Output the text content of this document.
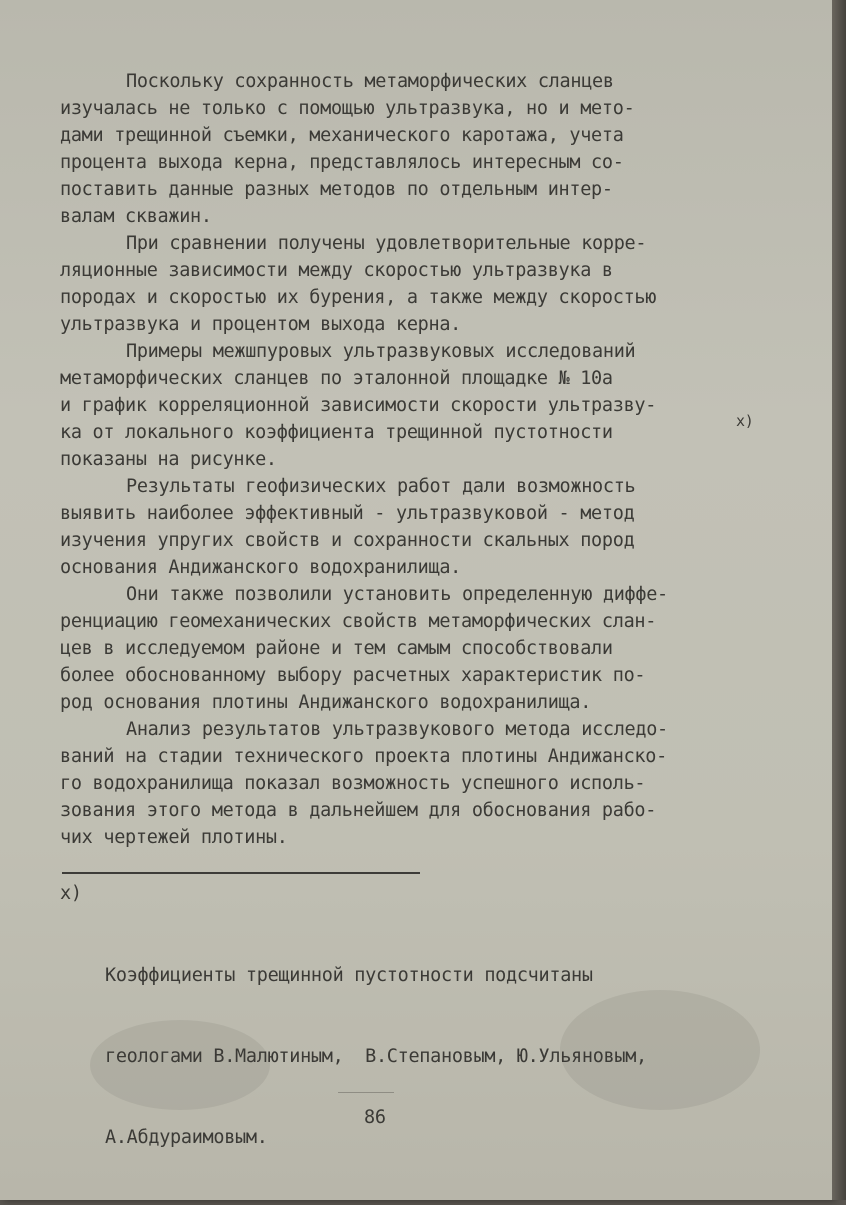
Поскольку сохранность метаморфических сланцев
изучалась не только с помощью ультразвука, но и мето-
дами трещинной съемки, механического каротажа, учета
процента выхода керна, представлялось интересным со-
поставить данные разных методов по отдельным интер-
валам скважин.
При сравнении получены удовлетворительные корре-
ляционные зависимости между скоростью ультразвука в
породах и скоростью их бурения, а также между скоростью
ультразвука и процентом выхода керна.
Примеры межшпуровых ультразвуковых исследований
метаморфических сланцев по эталонной площадке № 10а
и график корреляционной зависимости скорости ультразву-
ка от локального коэффициента трещинной пустотности
показаны на рисунке.
Результаты геофизических работ дали возможность
выявить наиболее эффективный - ультразвуковой - метод
изучения упругих свойств и сохранности скальных пород
основания Андижанского водохранилища.
Они также позволили установить определенную диффе-
ренциацию геомеханических свойств метаморфических слан-
цев в исследуемом районе и тем самым способствовали
более обоснованному выбору расчетных характеристик по-
род основания плотины Андижанского водохранилища.
Анализ результатов ультразвукового метода исследо-
ваний на стадии технического проекта плотины Андижанско-
го водохранилища показал возможность успешного исполь-
зования этого метода в дальнейшем для обоснования рабо-
чих чертежей плотины.
x)
x)

Коэффициенты трещинной пустотности подсчитаны

геологами В.Малютиным,  В.Степановым, Ю.Ульяновым,

А.Абдураимовым.

86
